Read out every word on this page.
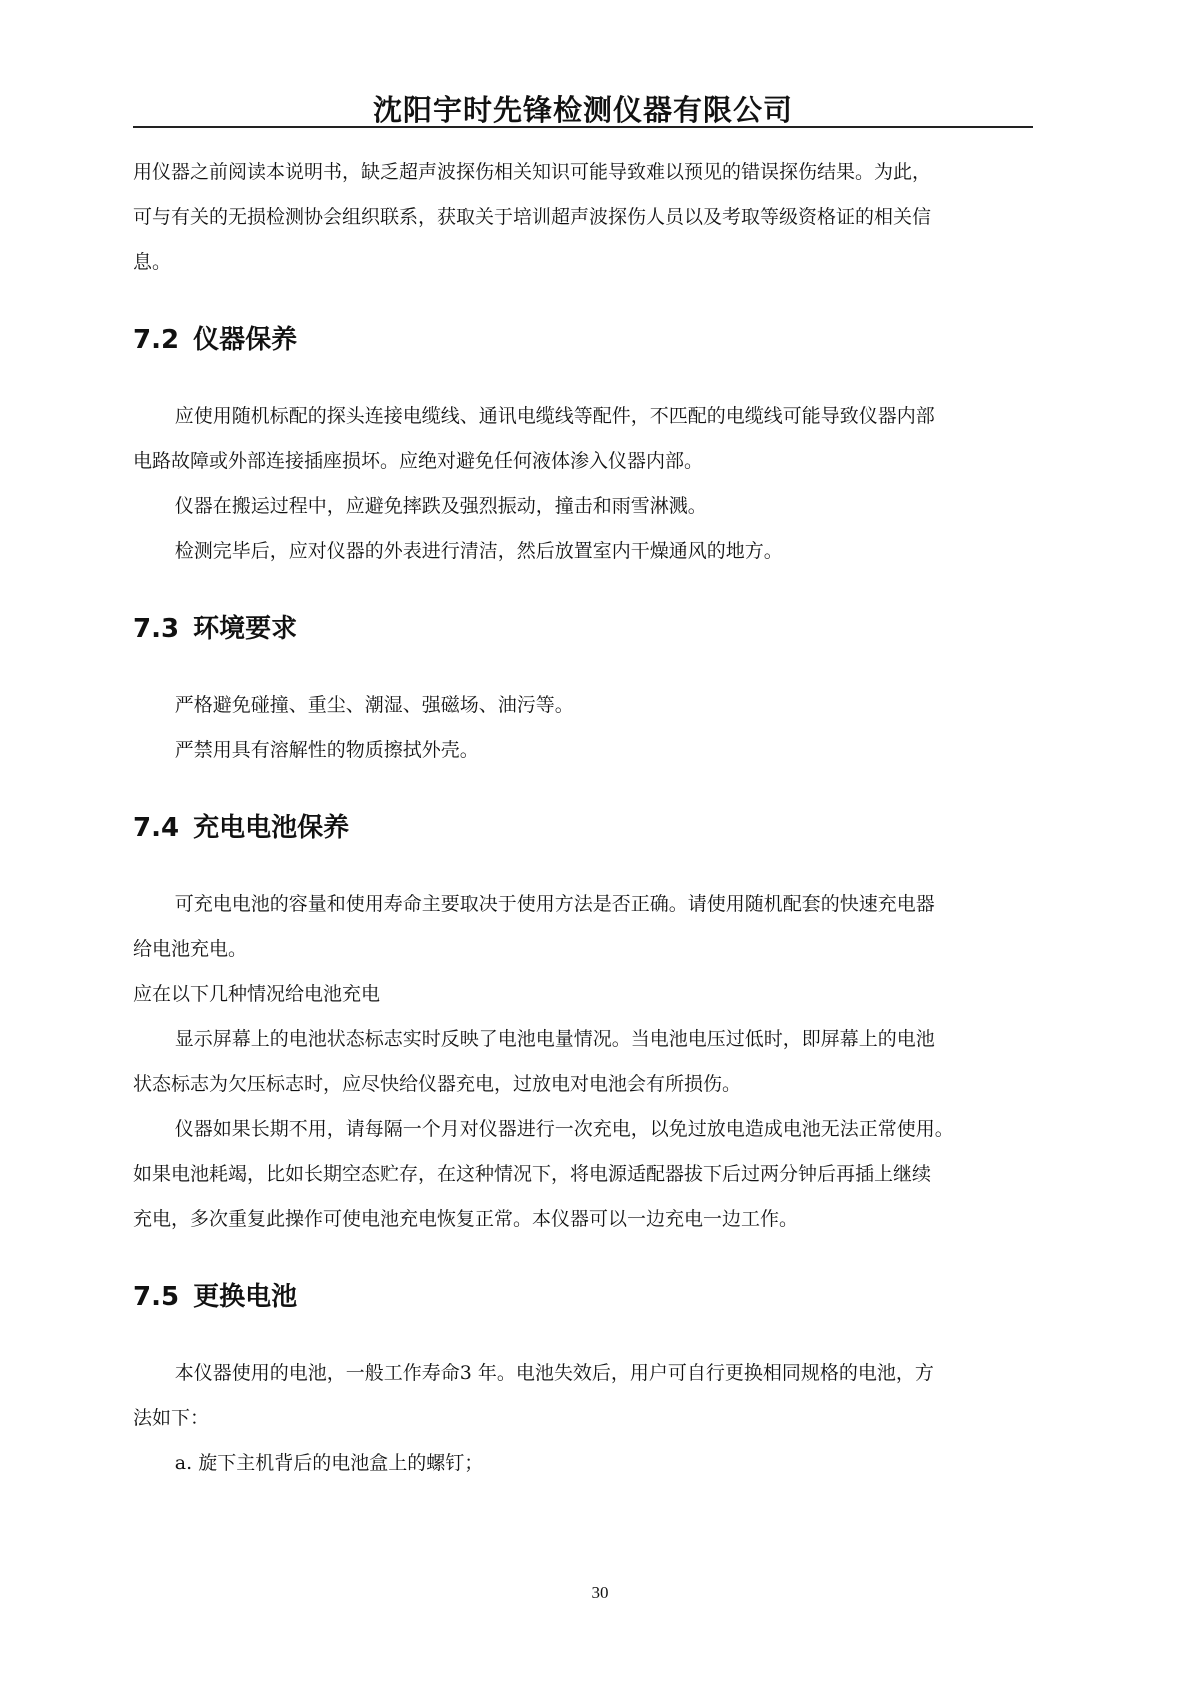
沈阳宇时先锋检测仪器有限公司

用仪器之前阅读本说明书，缺乏超声波探伤相关知识可能导致难以预见的错误探伤结果。为此，

可与有关的无损检测协会组织联系，获取关于培训超声波探伤人员以及考取等级资格证的相关信

息。

7.2 仪器保养

应使用随机标配的探头连接电缆线、通讯电缆线等配件，不匹配的电缆线可能导致仪器内部

电路故障或外部连接插座损坏。应绝对避免任何液体渗入仪器内部。

仪器在搬运过程中，应避免摔跌及强烈振动，撞击和雨雪淋溅。

检测完毕后，应对仪器的外表进行清洁，然后放置室内干燥通风的地方。

7.3 环境要求

严格避免碰撞、重尘、潮湿、强磁场、油污等。

严禁用具有溶解性的物质擦拭外壳。

7.4 充电电池保养

可充电电池的容量和使用寿命主要取决于使用方法是否正确。请使用随机配套的快速充电器

给电池充电。

应在以下几种情况给电池充电

显示屏幕上的电池状态标志实时反映了电池电量情况。当电池电压过低时，即屏幕上的电池

状态标志为欠压标志时，应尽快给仪器充电，过放电对电池会有所损伤。

仪器如果长期不用，请每隔一个月对仪器进行一次充电，以免过放电造成电池无法正常使用。

如果电池耗竭，比如长期空态贮存，在这种情况下，将电源适配器拔下后过两分钟后再插上继续

充电，多次重复此操作可使电池充电恢复正常。本仪器可以一边充电一边工作。

7.5 更换电池

本仪器使用的电池，一般工作寿命3 年。电池失效后，用户可自行更换相同规格的电池，方

法如下：

a. 旋下主机背后的电池盒上的螺钉；

30
